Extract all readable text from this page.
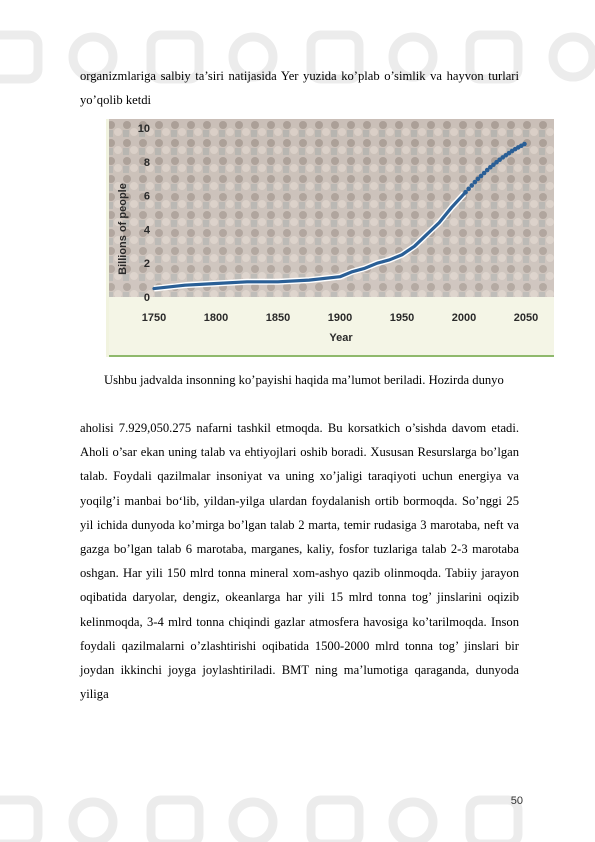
organizmlariga salbiy ta’siri natijasida Yer yuzida ko’plab o’simlik va hayvon turlari yo’qolib ketdi

0
2
4
6
8
10
1750	1800	1850	1900	1950	2000	2050
Billions of people
Year

Ushbu jadvalda insonning ko’payishi haqida ma’lumot beriladi. Hozirda dunyo

aholisi 7.929,050.275 nafarni tashkil etmoqda. Bu korsatkich o’sishda davom etadi. Aholi o’sar ekan uning talab va ehtiyojlari oshib boradi. Xususan Resurslarga bo’lgan talab. Foydali qazilmalar insoniyat va uning xo’jaligi taraqiyoti uchun energiya va yoqilg’i manbai bo‘lib, yildan-yilga ulardan foydalanish ortib bormoqda. So’nggi 25 yil ichida dunyoda ko’mirga bo’lgan talab 2 marta, temir rudasiga 3 marotaba, neft va gazga bo’lgan talab 6 marotaba, marganes, kaliy, fosfor tuzlariga talab 2-3 marotaba oshgan. Har yili 150 mlrd tonna mineral xom-ashyo qazib olinmoqda. Tabiiy jarayon oqibatida daryolar, dengiz, okeanlarga har yili 15 mlrd tonna tog’ jinslarini oqizib kelinmoqda, 3-4 mlrd tonna chiqindi gazlar atmosfera havosiga ko’tarilmoqda. Inson foydali qazilmalarni o’zlashtirishi oqibatida 1500-2000 mlrd tonna tog’ jinslari bir joydan ikkinchi joyga joylashtiriladi. BMT ning ma’lumotiga qaraganda, dunyoda yiliga

50
